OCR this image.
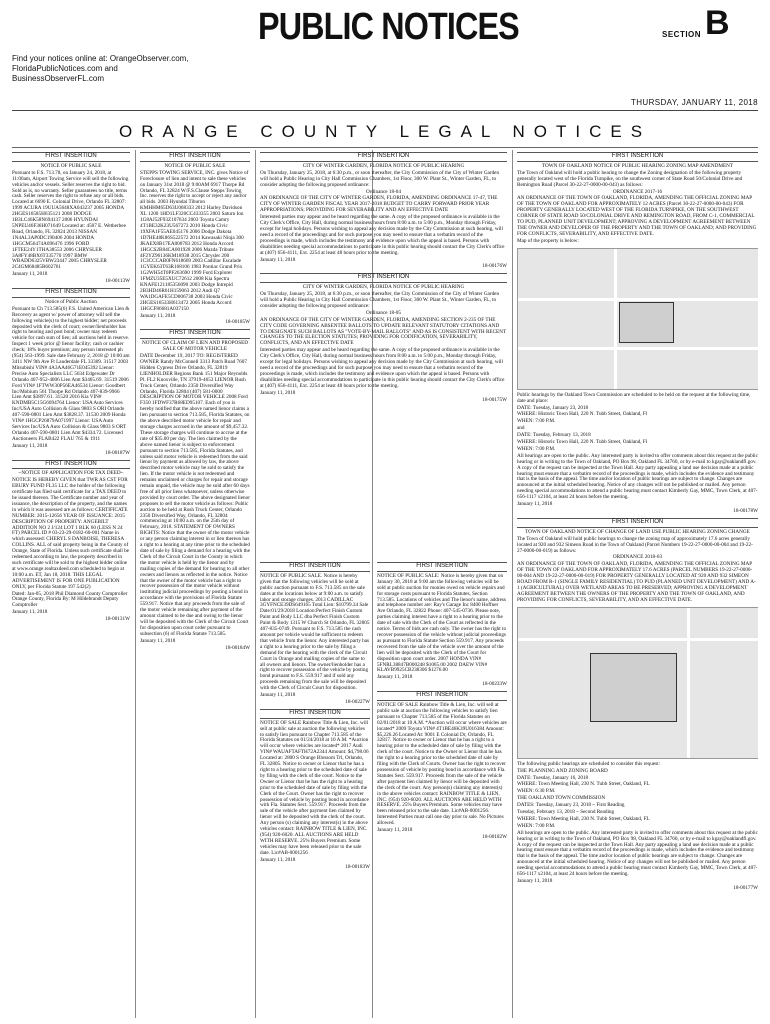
PUBLIC NOTICES	SECTION B
Find your notices online at: OrangeObserver.com,
FloridaPublicNotices.com and
BusinessObserverFL.com
THURSDAY, JANUARY 11, 2018
ORANGE COUNTY LEGAL NOTICES
FIRST INSERTION

NOTICE OF PUBLIC SALE

Pursuant to F.S. 713.78, on January 24, 2018, at 11:00am, Airport Towing Service will sell the following vehicles and/or vessels. Seller reserves the right to bid. Sold as is, no warranty. Seller guarantees no title, terms cash. Seller reserves the right to refuse any or all bids. Located at 6690 E. Colonial Drive, Orlando FL 32807: 1999 ACURA 19UUA5648XA043237 2005 HONDA 2HGES16585H635121 2008 DODGE 1B3LC46K58N694137 2006 HYUNDAI 5NPEU46F36H071649 Located at: 4507 E. Wetherbee Road, Orlando, FL 32824 2013 NISSAN 1N4AL3AP0DC190406 2004 HONDA 1HGCM56474A096476 1996 FORD 1FTEE24Y1THA38553 2006 CHRYSLER 3A8FY48BX6T335770 1997 BMW WBADD6325VBW23447 2005 CHRYSLER 2C4GM68485R602761

January 11, 2018

18-00113W

FIRST INSERTION

Notice of Public Auction

Pursuant to Ch 713.585(6) F.S. United American Lien & Recovery as agent w/ power of attorney will sell the following vehicle(s) to the highest bidder; net proceeds deposited with the clerk of court; owner/lienholder has right to hearing and post bond; owner may redeem vehicle for cash sum of lien; all auctions held in reserve. Inspect 1 week prior @ lienor facility; cash or cashier check; 18% buyer premium; any person interested ph (954) 563-1999. Sale date February 2, 2018 @ 10:00 am 3411 NW 9th Ave Ft Lauderdale FL 33309. 31517 2003 Mitsubishi VIN# 4A3AA46G71E045392 Lienor: Precise Auto Specialists LLC 5634 Edgewater Dr Orlando 407-952-4006 Lien Amt $3465.69. 31519 2006 Ford VIN# 1FTWW30P56EA46534 Lienor: Goodbert Inc/Mobium 561 Thorpe Rd Orlando 407-839-9966 Lien Amt $3897.61. 31520 2016 Kia VIN# KNDMB5C15G6094764 Lienor: USA Auto Services Inc/USA Auto Collision & Glass 9803 S ORI Orlando 407-590-0801 Lien Amt $3828.37. 31530 2009 Honda VIN# 1HGCP26879A071997 Lienor: USA Auto Services Inc/USA Auto Collision & Glass 9803 S ORT Orlando 407-590-0801 Lien Amt $4334.72. Licensed Auctioneers FLAB422 FLAU 765 & 1911

January 11, 2018

18-00187W

FIRST INSERTION

~NOTICE OF APPLICATION FOR TAX DEED~

NOTICE IS HEREBY GIVEN that TWR AS CST FOR EBURY FUND FL35 LLC the holder of the following certificate has filed said certificate for a TAX DEED to be issued thereon. The Certificate number and year of issuance, the description of the property, and the names in which it was assessed are as follows: CERTIFICATE NUMBER: 2015-12656 YEAR OF ISSUANCE: 2015 DESCRIPTION OF PROPERTY: ANGEBILT ADDITION NO 2 J/124 LOT 1 BLK 60 (LESS N 24 FT) PARCEL ID # 03-23-29-0182-60-001 Name in which assessed: CHERYL S DANBOISE, THERESA COLLINS. ALL of said property being in the County of Orange, State of Florida. Unless such certificate shall be redeemed according to law, the property described in such certificate will be sold to the highest bidder online at www.orange.realtaxdeed.com scheduled to begin at 10:00 a.m. ET, Jan 18, 2018. THIS LEGAL ADVERTISEMENT IS FOR ONE PUBLICATION ONLY, per Florida Statute 197.542(2)

Dated: Jan-05, 2018 Phil Diamond County Comptroller Orange County, Florida By: M Hildebrandt Deputy Comptroller

January 11, 2018

18-00131W

FIRST INSERTION

NOTICE OF PUBLIC SALE

STEPPS TOWING SERVICE, INC. gives Notice of Foreclosure of lien and intent to sale these vehicles on January 31st 2018 @ 9:00AM 6917 Thorpe Rd Orlando, FL 32824 W/F.S.Clause Stepps Towing Inc. reserves the right to accept or reject any and/or all bids. 2003 Hyundai Tiburon KMHHM65D63U068333 2012 Harley Davidson XL 1200 1HD1LF320CC433355 2003 Saturn Ion 1G8AJ52F93Z107634 2003 Toyota Camry 4T1BE32K23U567272 2010 Honda Civic 19XFA1F55AE045176 2006 Dodge Dakota 1D7HE48K86S522572 2014 Kawasaki Ninja 300 JKAEX8B17EA000783 2012 Honda Accord 1HGCS2B84CA001928 2006 Mazda Tribute 4F2YZ96136KM18938 2015 Chrysler 200 1C3CCCAB0FN618669 2003 Cadillac Escalade 1GYEK63T63R168106 1983 Pontiac Grand Prix 1G2WH54T0PF263690 1999 Ford Explorer 1FMZU35E5XUC72612 2008 Kia Spectra KNAFE121185356090 2003 Dodge Intrepid 2B3HD46R61H159063 2012 Audi Q7 WA1DGAFE5CD006738 2003 Honda Civic 2HGES16533H613472 2005 Honda Accord 1HGCF86681A037150

January 11, 2018

18-00185W

FIRST INSERTION

NOTICE OF CLAIM OF LIEN AND PROPOSED SALE OF MOTOR VEHICLE

DATE December 19, 2017 TO: REGISTERED OWNER Randy McConnell 3313 Patch Road 7607 Hidden Cypress Drive Orlando, FL 32819 LIENHOLDER Regions Bank 151 Major Reynolds Pl. FL2 Knoxville, TN 37919-4653 LIENOR Rush Truck Center, Orlando 2350 Diversified Way Orlando, Florida 32804 (407) 581-0000 DESCRIPTION OF MOTOR VEHICLE 2008 Ford F350 1FDWF37R68ED95107. Each of you is hereby notified that the above named lienor claims a lien pursuant to section 713.585, Florida Statutes, on the above described motor vehicle for repair and storage charges accrued in the amount of $9,457.32. These storage charges will continue to accrue at the rate of $35.00 per day. The lien claimed by the above named lienor is subject to enforcement pursuant to section 713.585, Florida Statutes, and unless said motor vehicle is redeemed from the said lienor by payment as allowed by law, the above described motor vehicle may be sold to satisfy the lien. If the motor vehicle is not redeemed and remains unclaimed or charges for repair and storage remain unpaid, the vehicle may be sold after 60 days free of all prior liens whatsoever, unless otherwise provided by court order. The above designated lienor proposes to sell the motor vehicle as follows: Public auction to be held at Rush Truck Center, Orlando 2350 Diversified Way, Orlando, FL 32804 commencing at 10:00 a.m. on the 25th day of February, 2018. STATEMENT OF OWNERS RIGHTS: Notice that the owner of the motor vehicle or any person claiming interest in or lien thereon has a right to a hearing at any time prior to the scheduled date of sale by filing a demand for a hearing with the Clerk of the Circuit Court in the County in which the motor vehicle is held by the lienor and by mailing copies of the demand for hearing to all other owners and lienors as reflected in the notice. Notice that the owner of the motor vehicle has a right to recover possession of the motor vehicle without instituting judicial proceedings by posting a bond in accordance with the provisions of Florida Statute 559.917. Notice that any proceeds from the sale of the motor vehicle remaining after payment of the amount claimed to be due and owing to the lienor will be deposited with the Clerk of the Circuit Court for disposition upon court order pursuant to subsection (6) of Florida Statute 713.585.

January 11, 2018

18-00184W

FIRST INSERTION

CITY OF WINTER GARDEN, FLORIDA NOTICE OF PUBLIC HEARING

On Thursday, January 25, 2018, at 6:30 p.m., or soon thereafter, the City Commission of the City of Winter Garden will hold a Public Hearing in City Hall Commission Chambers, 1st Floor, 300 W. Plant St., Winter Garden, FL, to consider adopting the following proposed ordinance:

Ordinance 18-04

AN ORDINANCE OF THE CITY OF WINTER GARDEN, FLORIDA, AMENDING ORDINANCE 17-47, THE CITY OF WINTER GARDEN FISCAL YEAR 2017-2018 BUDGET TO CARRY FORWARD PRIOR YEAR APPROPRIATIONS; PROVIDING FOR SEVERABILITY AND AN EFFECTIVE DATE

Interested parties may appear and be heard regarding the same. A copy of the proposed ordinance is available in the City Clerk's Office, City Hall, during normal business hours from 8:00 a.m. to 5:00 p.m., Monday through Friday, except for legal holidays. Persons wishing to appeal any decision made by the City Commission at such hearing, will need a record of the proceedings and for such purpose you may need to ensure that a verbatim record of the proceedings is made, which includes the testimony and evidence upon which the appeal is based. Persons with disabilities needing special accommodations to participate in this public hearing should contact the City Clerk's office at (407) 656-4111, Ext. 2254 at least 48 hours prior to the meeting.

January 11, 2018

18-00176W

FIRST INSERTION

CITY OF WINTER GARDEN, FLORIDA NOTICE OF PUBLIC HEARING

On Thursday, January 25, 2018, at 6:30 p.m., or soon thereafter, the City Commission of the City of Winter Garden will hold a Public Hearing in City Hall Commission Chambers, 1st Floor, 300 W. Plant St., Winter Garden, FL, to consider adopting the following proposed ordinance:

Ordinance 18-05

AN ORDINANCE OF THE CITY OF WINTER GARDEN, FLORIDA, AMENDING SECTION 2-235 OF THE CITY CODE GOVERNING ABSENTEE BALLOTS TO UPDATE RELEVANT STATUTORY CITATIONS AND TO DESIGNATE SUCH BALLOTS AS "VOTE-BY-MAIL BALLOTS" AND AS IS CONSISTENT WITH RECENT CHANGES TO THE ELECTION STATUTES; PROVIDING FOR CODIFICATION, SEVERABILITY, CONFLICTS, AND AN EFFECTIVE DATE

Interested parties may appear and be heard regarding the same. A copy of the proposed ordinance is available in the City Clerk's Office, City Hall, during normal business hours from 8:00 a.m. to 5:00 p.m., Monday through Friday, except for legal holidays. Persons wishing to appeal any decision made by the City Commission at such hearing, will need a record of the proceedings and for such purpose you may need to ensure that a verbatim record of the proceedings is made, which includes the testimony and evidence upon which the appeal is based. Persons with disabilities needing special accommodations to participate in this public hearing should contact the City Clerk's office at (407) 656-4111, Ext. 2254 at least 48 hours prior to the meeting.

January 11, 2018

18-00175W

FIRST INSERTION

NOTICE OF PUBLIC SALE. Notice is hereby given that the following vehicles will be sold at public auction pursuant to F.S. 713.585 on the sale dates at the locations below at 9:00 a.m. to satisfy labor and storage charges. 2013 CADILLAC 3GYFNCE39DS649165 Total Lien: $10799.34 Sale Date:01/29/2018 Location:Perfect Finish Custom Paint and Body LLC dba Perfect Finish Custom Paint & Body 1315 W Church St Orlando, FL 32805 407-835-0749. Pursuant to F.S. 713.585 the cash amount per vehicle would be sufficient to redeem that vehicle from the lienor. Any interested party has a right to a hearing prior to the sale by filing a demand for the hearing with the clerk of the Circuit Court in Orange and mailing copies of the same to all owners and lienors. The owner/lienholder has a right to recover possession of the vehicle by posting bond pursuant to F.S. 559.917 and if sold any proceeds remaining from the sale will be deposited with the Clerk of Circuit Court for disposition.

January 11, 2018

18-00227W

FIRST INSERTION

NOTICE OF SALE Rainbow Title & Lien, Inc. will sell at public sale at auction the following vehicles to satisfy lien pursuant to Chapter 713.585 of the Florida Statutes on 01/24/2018 at 10 A.M. *Auction will occur where vehicles are located* 2017 Audi VIN# WAUAFTAFTH72A2344 Amount: $4,798.06 Located at: 2800 S Orange Blossom Trl, Orlando, FL 32805. Notice to owner or Lienor that he has a right to a hearing prior to the scheduled date of sale by filing with the clerk of the court. Notice to the Owner or Lienor that he has the right to a hearing prior to the scheduled date of sale by filing with the Clerk of the Court. Owner has the right to recover possession of vehicle by posting bond in accordance with Fla. Statutes Sect. 559.917. Proceeds from the sale of the vehicle after payment lien claimed by lienor will be deposited with the clerk of the court. Any person (s) claiming any interest(s) in the above vehicles contact: RAINBOW TITLE & LIEN, INC. (954) 920-6020. ALL AUCTIONS ARE HELD WITH RESERVE. 25% Buyers Premium. Some vehicles may have been released prior to the sale date. Lic#AB-0001256

January 11, 2018

18-00183W

FIRST INSERTION

NOTICE OF PUBLIC SALE: Notice is hereby given that on January 30, 2018 at 9:00 am the following vehicles will be sold at public auction for monies owed on vehicle repairs and for storage costs pursuant to Florida Statutes, Section 713.585. Locations of vehicles and The lienor's name, address and telephone number are: Ray's Garage Inc 8400 Hoffner Ave Orlando, FL 32822 Phone: 407-545-0736. Please note, parties claiming interest have a right to a hearing prior to the date of sale with the Clerk of the Court as reflected in the notice. Terms of bids are cash only. The owner has the right to recover possession of the vehicle without judicial proceedings as pursuant to Florida Statute Section 559.917. Any proceeds recovered from the sale of the vehicle over the amount of the lien will be deposited with the Clerk of the Court for disposition upon court order. 2007 HONDA VIN# 5FNRL38847B000248 $1065.00 2002 DAEW VIN# KLAVB9925CB238306 $1276.00

January 11, 2018

18-00233W

FIRST INSERTION

NOTICE OF SALE Rainbow Title & Lien, Inc. will sell at public sale at auction the following vehicles to satisfy lien pursuant to Chapter 713.585 of the Florida Statutes on 02/01/2018 at 10 A.M. *Auction will occur where vehicles are located* 2009 Toyota VIN# 4T1BE46K39U016384 Amount: $5,226.26 Located At: 9001 E Colonial Dr, Orlando, FL 32817. Notice to owner or Lienor that he has a right to a hearing prior to the scheduled date of sale by filing with the clerk of the court. Notice to the Owner or Lienor that he has the right to a hearing prior to the scheduled date of sale by filing with the Clerk of Courts. Owner has the right to recover possession of vehicle by posting bond in accordance with Fla. Statutes Sect. 559.917. Proceeds from the sale of the vehicle after payment lien claimed by lienor will be deposited with the clerk of the court. Any person(s) claiming any interest(s) in the above vehicles contact: RAINBOW TITLE & LIEN, INC. (954) 920-6020. ALL AUCTIONS ARE HELD WITH RESERVE. 25% Buyers Premium. Some vehicles may have been released prior to the sale date. Lic#AB-0001256. Interested Parties must call one day prior to sale. No Pictures allowed.

January 11, 2018

18-00182W

FIRST INSERTION

TOWN OF OAKLAND NOTICE OF PUBLIC HEARING ZONING MAP AMENDMENT

The Town of Oakland will hold a public hearing to change the Zoning designation of the following property generally located west of the Florida Turnpike, on the southwest corner of State Road 50/Colonial Drive and Remington Road (Parcel 30-22-27-0000-00-043) as follows:

ORDINANCE 2017-16

AN ORDINANCE OF THE TOWN OF OAKLAND, FLORIDA, AMENDING THE OFFICIAL ZONING MAP OF THE TOWN OF OAKLAND FOR APPROXIMATELY 12 ACRES (Parcel 30-22-27-0000-00-043) FOR PROPERTY GENERALLY LOCATED WEST OF THE FLORIDA TURNPIKE, ON THE SOUTHWEST CORNER OF STATE ROAD 50/COLONIAL DRIVE AND REMINGTON ROAD, FROM C-1, COMMERCIAL TO PUD, PLANNED UNIT DEVELOPMENT; APPROVING A DEVELOPMENT AGREEMENT BETWEEN THE OWNER AND DEVELOPER OF THE PROPERTY AND THE TOWN OF OAKLAND; AND PROVIDING FOR CONFLICTS, SEVERABILITY, AND EFFECTIVE DATE.

Map of the property is below:

Public hearings by the Oakland Town Commission are scheduled to be held on the request at the following time, date and place:

DATE: Tuesday, January 23, 2018

WHERE: Historic Town Hall, 220 N. Tubb Street, Oakland, Fl

WHEN: 7:00 P.M.

and

DATE: Tuesday, February 13, 2018

WHERE: Historic Town Hall, 220 N. Tubb Street, Oakland, Fl

WHEN: 7:00 P.M.

All hearings are open to the public. Any interested party is invited to offer comments about this request at the public hearing or in writing to the Town of Oakland, PO Box 98, Oakland FL 34760, or by e-mail to kgay@oaklandfl.gov. A copy of the request can be inspected at the Town Hall. Any party appealing a land use decision made at a public hearing must ensure that a verbatim record of the proceedings is made, which includes the evidence and testimony that is the basis of the appeal. The time and/or location of public hearings are subject to change. Changes are announced at the initial scheduled hearing. Notice of any changes will not be published or mailed. Any person needing special accommodations to attend a public hearing must contact Kimberly Gay, MMC, Town Clerk, at 407-656-1117 x2104, at least 24 hours before the meeting.

January 11, 2018

18-00178W

FIRST INSERTION

TOWN OF OAKLAND NOTICE OF CHANGE OF LAND USE PUBLIC HEARING ZONING CHANGE

The Town of Oakland will hold public hearings to change the zoning map of approximately 17.6 acres generally located at 920 and 932 Simeon Road in the Town of Oakland (Parcel Numbers 19-22-27-0000-00-004 and 19-22-27-0000-00-019) as follows:

ORDINANCE 2018-03

AN ORDINANCE OF THE TOWN OF OAKLAND, FLORIDA, AMENDING THE OFFICIAL ZONING MAP OF THE TOWN OF OAKLAND FOR APPROXIMATELY 17.6 ACRES (PARCEL NUMBERS 19-22-27-0000-00-004 AND 19-22-27-0000-00-019) FOR PROPERTY GENERALLY LOCATED AT 920 AND 932 SIMEON ROAD FROM R-1 (SINGLE FAMILY RESIDENTIAL) TO PUD (PLANNED UNIT DEVELOPMENT) AND A-1 (AGRICULTURAL) OVER WETLAND AREAS TO BE PRESERVED; APPROVING A DEVELOPMENT AGREEMENT BETWEEN THE OWNERS OF THE PROPERTY AND THE TOWN OF OAKLAND, AND PROVIDING FOR CONFLICTS, SEVERABILITY, AND AN EFFECTIVE DATE.

The following public hearings are scheduled to consider this request:

THE PLANNING AND ZONING BOARD

DATE: Tuesday, January 16, 2018

WHERE: Town Meeting Hall, 230 N. Tubb Street, Oakland, FL

WHEN: 6:30 P.M.

THE OAKLAND TOWN COMMISSION

DATES: Tuesday, January 23, 2018 ~ First Reading

Tuesday, February 13, 2018 ~ Second Reading

WHERE: Town Meeting Hall, 230 N. Tubb Street, Oakland, FL

WHEN: 7:00 P.M.

All hearings are open to the public. Any interested party is invited to offer comments about this request at the public hearing or in writing to the Town of Oakland, PO Box 98, Oakland FL 34760, or by e-mail to kgay@oaklandfl.gov. A copy of the request can be inspected at the Town Hall. Any party appealing a land use decision made at a public hearing must ensure that a verbatim record of the proceedings is made, which includes the evidence and testimony that is the basis of the appeal. The time and/or location of public hearings are subject to change. Changes are announced at the initial scheduled hearing. Notice of any changes will not be published or mailed. Any person needing special accommodations to attend a public hearing must contact Kimberly Gay, MMC, Town Clerk, at 407-656-1117 x2104, at least 24 hours before the meeting.

January 11, 2018

18-00177W
